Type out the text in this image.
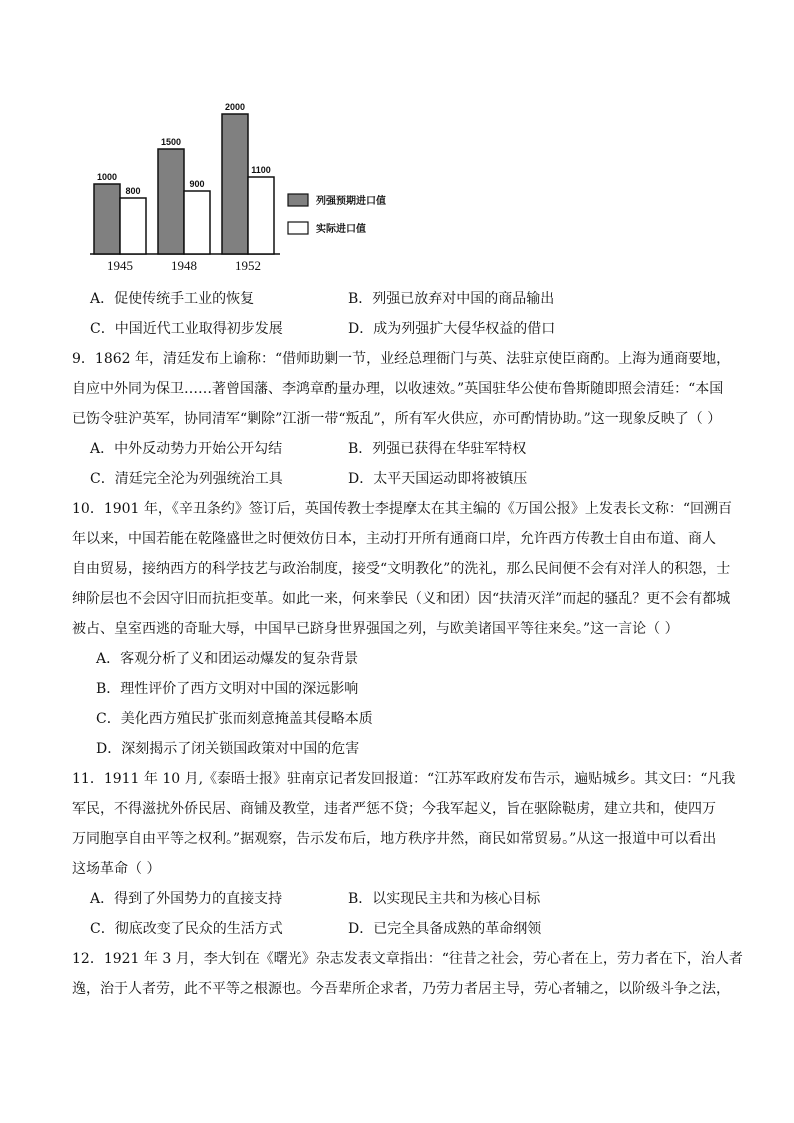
1000
800
1945
1500
900
1948
2000
1100
1952
列强预期进口值
实际进口值
A．促使传统手工业的恢复	B．列强已放弃对中国的商品输出
C．中国近代工业取得初步发展	D．成为列强扩大侵华权益的借口
9．1862 年，清廷发布上谕称：“借师助剿一节，业经总理衙门与英、法驻京使臣商酌。上海为通商要地，
自应中外同为保卫……著曾国藩、李鸿章酌量办理，以收速效。”英国驻华公使布鲁斯随即照会清廷：“本国
已饬令驻沪英军，协同清军“剿除”江浙一带“叛乱”，所有军火供应，亦可酌情协助。”这一现象反映了（ ）
A．中外反动势力开始公开勾结	B．列强已获得在华驻军特权
C．清廷完全沦为列强统治工具	D．太平天国运动即将被镇压
10．1901 年，《辛丑条约》签订后，英国传教士李提摩太在其主编的《万国公报》上发表长文称：“回溯百
年以来，中国若能在乾隆盛世之时便效仿日本，主动打开所有通商口岸，允许西方传教士自由布道、商人
自由贸易，接纳西方的科学技艺与政治制度，接受“文明教化”的洗礼，那么民间便不会有对洋人的积怨，士
绅阶层也不会因守旧而抗拒变革。如此一来，何来拳民（义和团）因“扶清灭洋”而起的骚乱？更不会有都城
被占、皇室西逃的奇耻大辱，中国早已跻身世界强国之列，与欧美诸国平等往来矣。”这一言论（ ）
A．客观分析了义和团运动爆发的复杂背景
B．理性评价了西方文明对中国的深远影响
C．美化西方殖民扩张而刻意掩盖其侵略本质
D．深刻揭示了闭关锁国政策对中国的危害
11．1911 年 10 月,《泰晤士报》驻南京记者发回报道：“江苏军政府发布告示，遍贴城乡。其文曰：“凡我
军民，不得滋扰外侨民居、商铺及教堂，违者严惩不贷；今我军起义，旨在驱除鞑虏，建立共和，使四万
万同胞享自由平等之权利。”据观察，告示发布后，地方秩序井然，商民如常贸易。”从这一报道中可以看出
这场革命（ ）
A．得到了外国势力的直接支持	B．以实现民主共和为核心目标
C．彻底改变了民众的生活方式	D．已完全具备成熟的革命纲领
12．1921 年 3 月，李大钊在《曙光》杂志发表文章指出：“往昔之社会，劳心者在上，劳力者在下，治人者
逸，治于人者劳，此不平等之根源也。今吾辈所企求者，乃劳力者居主导，劳心者辅之，以阶级斗争之法，
